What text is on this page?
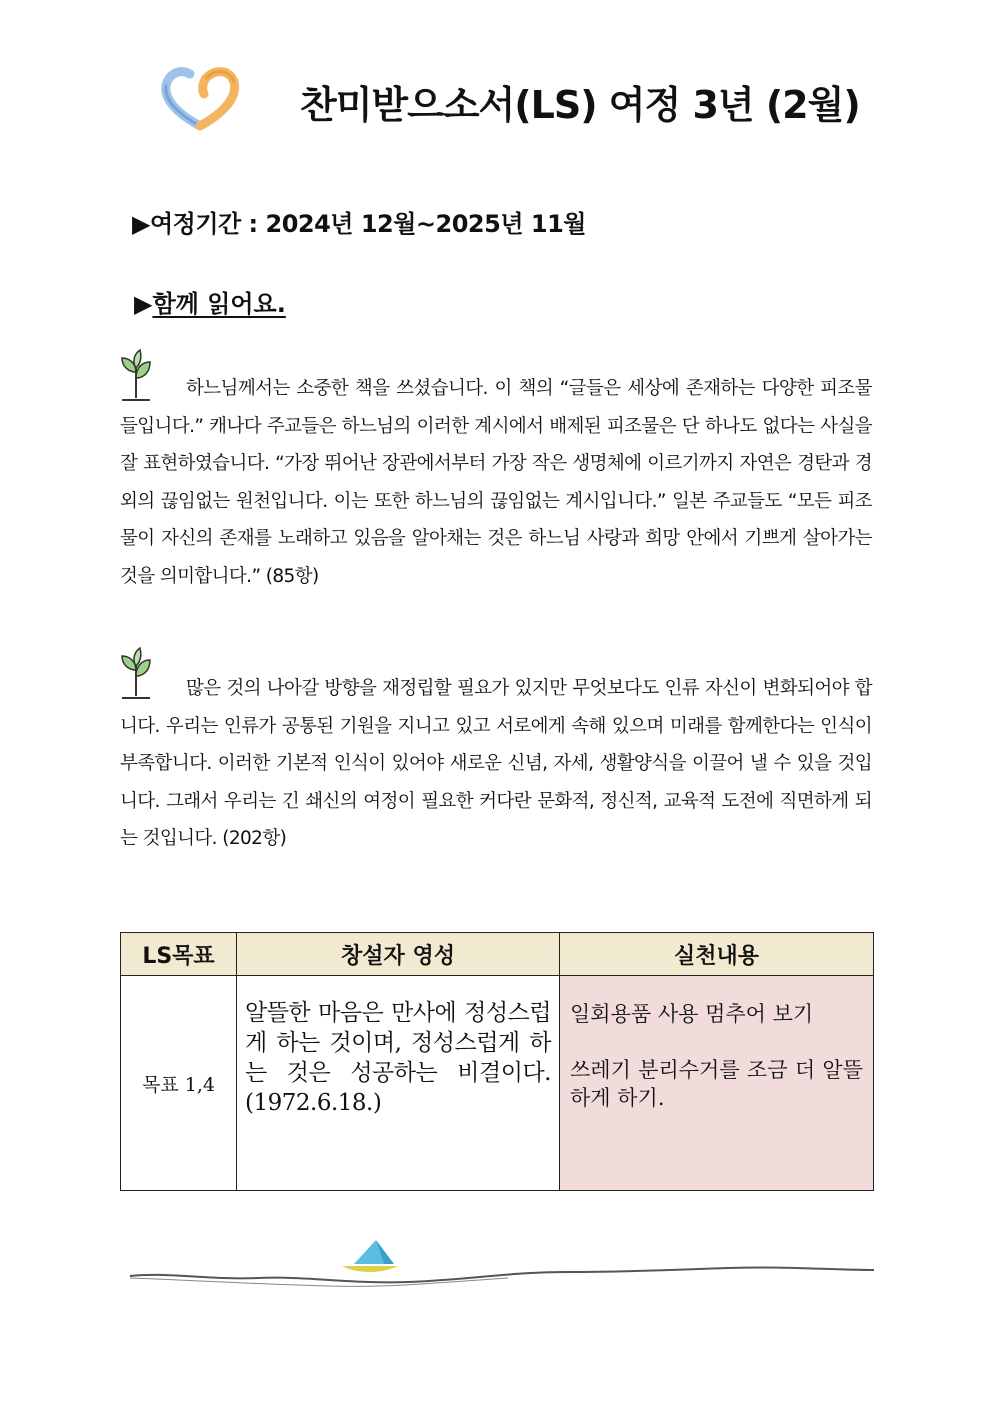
찬미받으소서(LS) 여정 3년 (2월)
▶여정기간 : 2024년 12월~2025년 11월
▶함께 읽어요.
하느님께서는 소중한 책을 쓰셨습니다. 이 책의 “글들은 세상에 존재하는 다양한 피조물들입니다.” 캐나다 주교들은 하느님의 이러한 계시에서 배제된 피조물은 단 하나도 없다는 사실을 잘 표현하였습니다. “가장 뛰어난 장관에서부터 가장 작은 생명체에 이르기까지 자연은 경탄과 경외의 끊임없는 원천입니다. 이는 또한 하느님의 끊임없는 계시입니다.” 일본 주교들도 “모든 피조물이 자신의 존재를 노래하고 있음을 알아채는 것은 하느님 사랑과 희망 안에서 기쁘게 살아가는 것을 의미합니다.” (85항)
많은 것의 나아갈 방향을 재정립할 필요가 있지만 무엇보다도 인류 자신이 변화되어야 합니다. 우리는 인류가 공통된 기원을 지니고 있고 서로에게 속해 있으며 미래를 함께한다는 인식이 부족합니다. 이러한 기본적 인식이 있어야 새로운 신념, 자세, 생활양식을 이끌어 낼 수 있을 것입니다. 그래서 우리는 긴 쇄신의 여정이 필요한 커다란 문화적, 정신적, 교육적 도전에 직면하게 되는 것입니다. (202항)
LS목표	창설자 영성	실천내용
목표 1,4	알뜰한 마음은 만사에 정성스럽게 하는 것이며, 정성스럽게 하는 것은 성공하는 비결이다. (1972.6.18.)	일회용품 사용 멈추어 보기

쓰레기 분리수거를 조금 더 알뜰하게 하기.
